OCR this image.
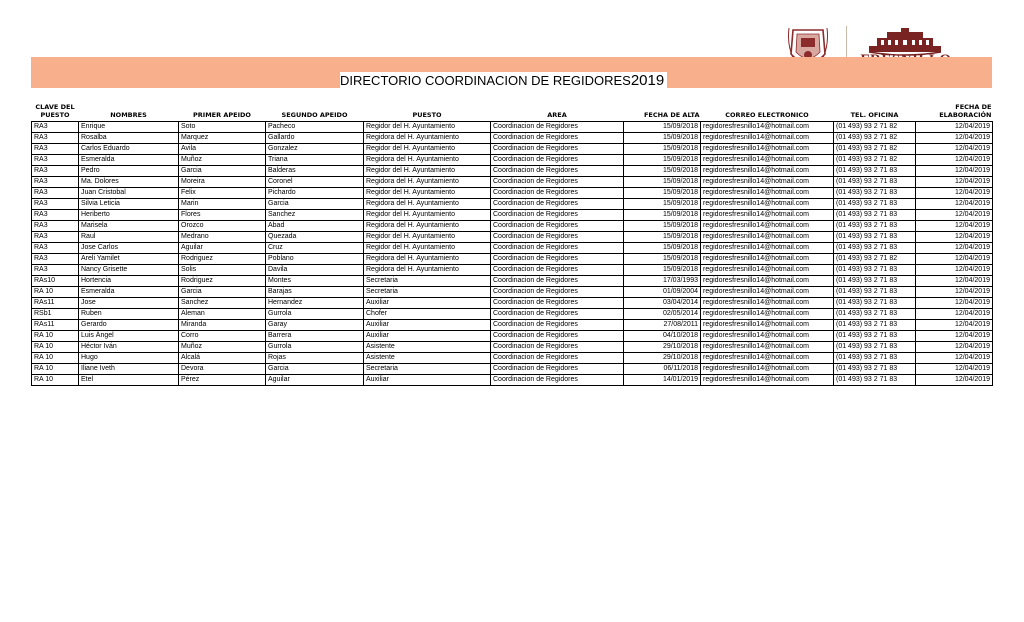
DIRECTORIO COORDINACION DE REGIDORES2019
CLAVE DEL PUESTO	NOMBRES	PRIMER APEIDO	SEGUNDO APEIDO	PUESTO	AREA	FECHA DE ALTA	CORREO ELECTRONICO	TEL. OFICINA	FECHA DE ELABORACIÓN
RA3	Enrique	Soto	Pacheco	Regidor del H. Ayuntamiento	Coordinacion de Regidores	15/09/2018	regidoresfresnillo14@hotmail.com	(01 493) 93 2 71 82	12/04/2019
RA3	Rosalba	Marquez	Gallardo	Regidora del H. Ayuntamiento	Coordinacion de Regidores	15/09/2018	regidoresfresnillo14@hotmail.com	(01 493) 93 2 71 82	12/04/2019
RA3	Carlos Eduardo	Avila	Gonzalez	Regidor del H. Ayuntamiento	Coordinacion de Regidores	15/09/2018	regidoresfresnillo14@hotmail.com	(01 493) 93 2 71 82	12/04/2019
RA3	Esmeralda	Muñoz	Triana	Regidora del H. Ayuntamiento	Coordinacion de Regidores	15/09/2018	regidoresfresnillo14@hotmail.com	(01 493) 93 2 71 82	12/04/2019
RA3	Pedro	Garcia	Balderas	Regidor del H. Ayuntamiento	Coordinacion de Regidores	15/09/2018	regidoresfresnillo14@hotmail.com	(01 493) 93 2 71 83	12/04/2019
RA3	Ma. Dolores	Moreira	Coronel	Regidora del H. Ayuntamiento	Coordinacion de Regidores	15/09/2018	regidoresfresnillo14@hotmail.com	(01 493) 93 2 71 83	12/04/2019
RA3	Juan Cristobal	Felix	Pichardo	Regidor del H. Ayuntamiento	Coordinacion de Regidores	15/09/2018	regidoresfresnillo14@hotmail.com	(01 493) 93 2 71 83	12/04/2019
RA3	Silvia Leticia	Marin	Garcia	Regidora del H. Ayuntamiento	Coordinacion de Regidores	15/09/2018	regidoresfresnillo14@hotmail.com	(01 493) 93 2 71 83	12/04/2019
RA3	Heriberto	Flores	Sanchez	Regidor del H. Ayuntamiento	Coordinacion de Regidores	15/09/2018	regidoresfresnillo14@hotmail.com	(01 493) 93 2 71 83	12/04/2019
RA3	Marisela	Orozco	Abad	Regidora del H. Ayuntamiento	Coordinacion de Regidores	15/09/2018	regidoresfresnillo14@hotmail.com	(01 493) 93 2 71 83	12/04/2019
RA3	Raul	Medrano	Quezada	Regidor del H. Ayuntamiento	Coordinacion de Regidores	15/09/2018	regidoresfresnillo14@hotmail.com	(01 493) 93 2 71 83	12/04/2019
RA3	Jose Carlos	Aguilar	Cruz	Regidor del H. Ayuntamiento	Coordinacion de Regidores	15/09/2018	regidoresfresnillo14@hotmail.com	(01 493) 93 2 71 83	12/04/2019
RA3	Areli Yamilet	Rodriguez	Poblano	Regidora del H. Ayuntamiento	Coordinacion de Regidores	15/09/2018	regidoresfresnillo14@hotmail.com	(01 493) 93 2 71 82	12/04/2019
RA3	Nancy Grisette	Solis	Davila	Regidora del H. Ayuntamiento	Coordinacion de Regidores	15/09/2018	regidoresfresnillo14@hotmail.com	(01 493) 93 2 71 83	12/04/2019
RAs10	Hortencia	Rodriguez	Montes	Secretaria	Coordinacion de Regidores	17/03/1993	regidoresfresnillo14@hotmail.com	(01 493) 93 2 71 83	12/04/2019
RA 10	Esmeralda	Garcia	Barajas	Secretaria	Coordinacion de Regidores	01/09/2004	regidoresfresnillo14@hotmail.com	(01 493) 93 2 71 83	12/04/2019
RAs11	Jose	Sanchez	Hernandez	Auxiliar	Coordinacion de Regidores	03/04/2014	regidoresfresnillo14@hotmail.com	(01 493) 93 2 71 83	12/04/2019
RSb1	Ruben	Aleman	Gurrola	Chofer	Coordinacion de Regidores	02/05/2014	regidoresfresnillo14@hotmail.com	(01 493) 93 2 71 83	12/04/2019
RAs11	Gerardo	Miranda	Garay	Auxiliar	Coordinacion de Regidores	27/08/2011	regidoresfresnillo14@hotmail.com	(01 493) 93 2 71 83	12/04/2019
RA 10	Luis Ángel	Corro	Barrera	Auxiliar	Coordinacion de Regidores	04/10/2018	regidoresfresnillo14@hotmail.com	(01 493) 93 2 71 83	12/04/2019
RA 10	Héctor Iván	Muñoz	Gurrola	Asistente	Coordinacion de Regidores	29/10/2018	regidoresfresnillo14@hotmail.com	(01 493) 93 2 71 83	12/04/2019
RA 10	Hugo	Alcalá	Rojas	Asistente	Coordinacion de Regidores	29/10/2018	regidoresfresnillo14@hotmail.com	(01 493) 93 2 71 83	12/04/2019
RA 10	Iliane Iveth	Devora	Garcia	Secretaria	Coordinacion de Regidores	06/11/2018	regidoresfresnillo14@hotmail.com	(01 493) 93 2 71 83	12/04/2019
RA 10	Etel	Pérez	Aguilar	Auxiliar	Coordinacion de Regidores	14/01/2019	regidoresfresnillo14@hotmail.com	(01 493) 93 2 71 83	12/04/2019
